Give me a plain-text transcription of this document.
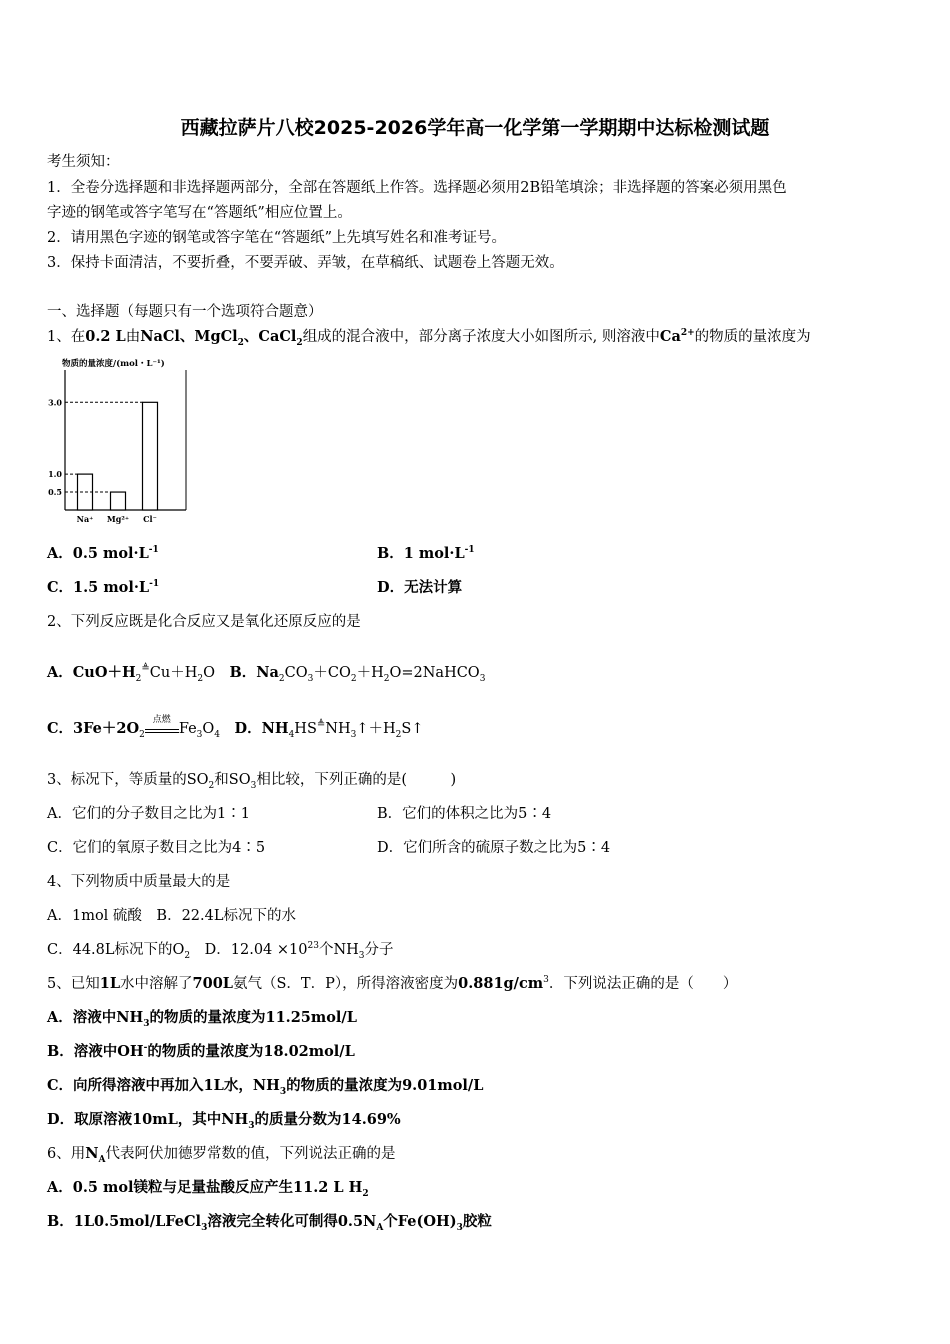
西藏拉萨片八校2025-2026学年高一化学第一学期期中达标检测试题
考生须知：
1．全卷分选择题和非选择题两部分，全部在答题纸上作答。选择题必须用2B铅笔填涂；非选择题的答案必须用黑色
字迹的钢笔或答字笔写在“答题纸”相应位置上。
2．请用黑色字迹的钢笔或答字笔在“答题纸”上先填写姓名和准考证号。
3．保持卡面清洁，不要折叠，不要弄破、弄皱，在草稿纸、试题卷上答题无效。
一、选择题（每题只有一个选项符合题意）
1、在0.2 L由NaCl、MgCl$_2$、CaCl$_2$组成的混合液中，部分离子浓度大小如图所示, 则溶液中$Ca^{2+}$的物质的量浓度为
物质的量浓度/(mol・L⁻¹)
Na⁺ Mg²⁺ Cl⁻
3.0
1.0
0.5
A．0.5 $mol\cdot L^{-1}$	B．1 $mol\cdot L^{-1}$
C．1.5 $mol\cdot L^{-1}$	D．无法计算
2、下列反应既是化合反应又是氧化还原反应的是
A．$CuO+H_2^≜Cu+H_2O$　 B．$Na_2CO_3+CO_2+H_2O=2NaHCO_3$
C．$3Fe+2O_2$
点燃
$Fe_3O_4$　 D．$NH_4HS^≜NH_3↑+H_2S↑$
3、标况下，等质量的$SO_2$和$SO_3$相比较，下列正确的是(　　　)
A．它们的分子数目之比为1∶1	B．它们的体积之比为5∶4
C．它们的氧原子数目之比为4∶5	D．它们所含的硫原子数之比为5∶4
4、下列物质中质量最大的是
A．1mol 硫酸　B．22.4L标况下的水
C．44.8L标况下的$O_2$　 D．$12.04 \times 10^{23}$个$NH_3$分子
5、已知1L水中溶解了700L氨气（S．T．P），所得溶液密度为$0.881g/cm^3$．下列说法正确的是（　　）
A．溶液中$NH_3$的物质的量浓度为11.25mol/L
B．溶液中OH-的物质的量浓度为18.02mol/L
C．向所得溶液中再加入1L水，$NH_3$的物质的量浓度为9.01mol/L
D．取原溶液10mL，其中$NH_3$的质量分数为14.69%
6、用$N_A$代表阿伏加德罗常数的值，下列说法正确的是
A．0.5 mol镁粒与足量盐酸反应产生11.2 L $H_2$
B．1L0.5mol/LFeCl$_3$溶液完全转化可制得$0.5N_A$个$Fe(OH)_3$胶粒
